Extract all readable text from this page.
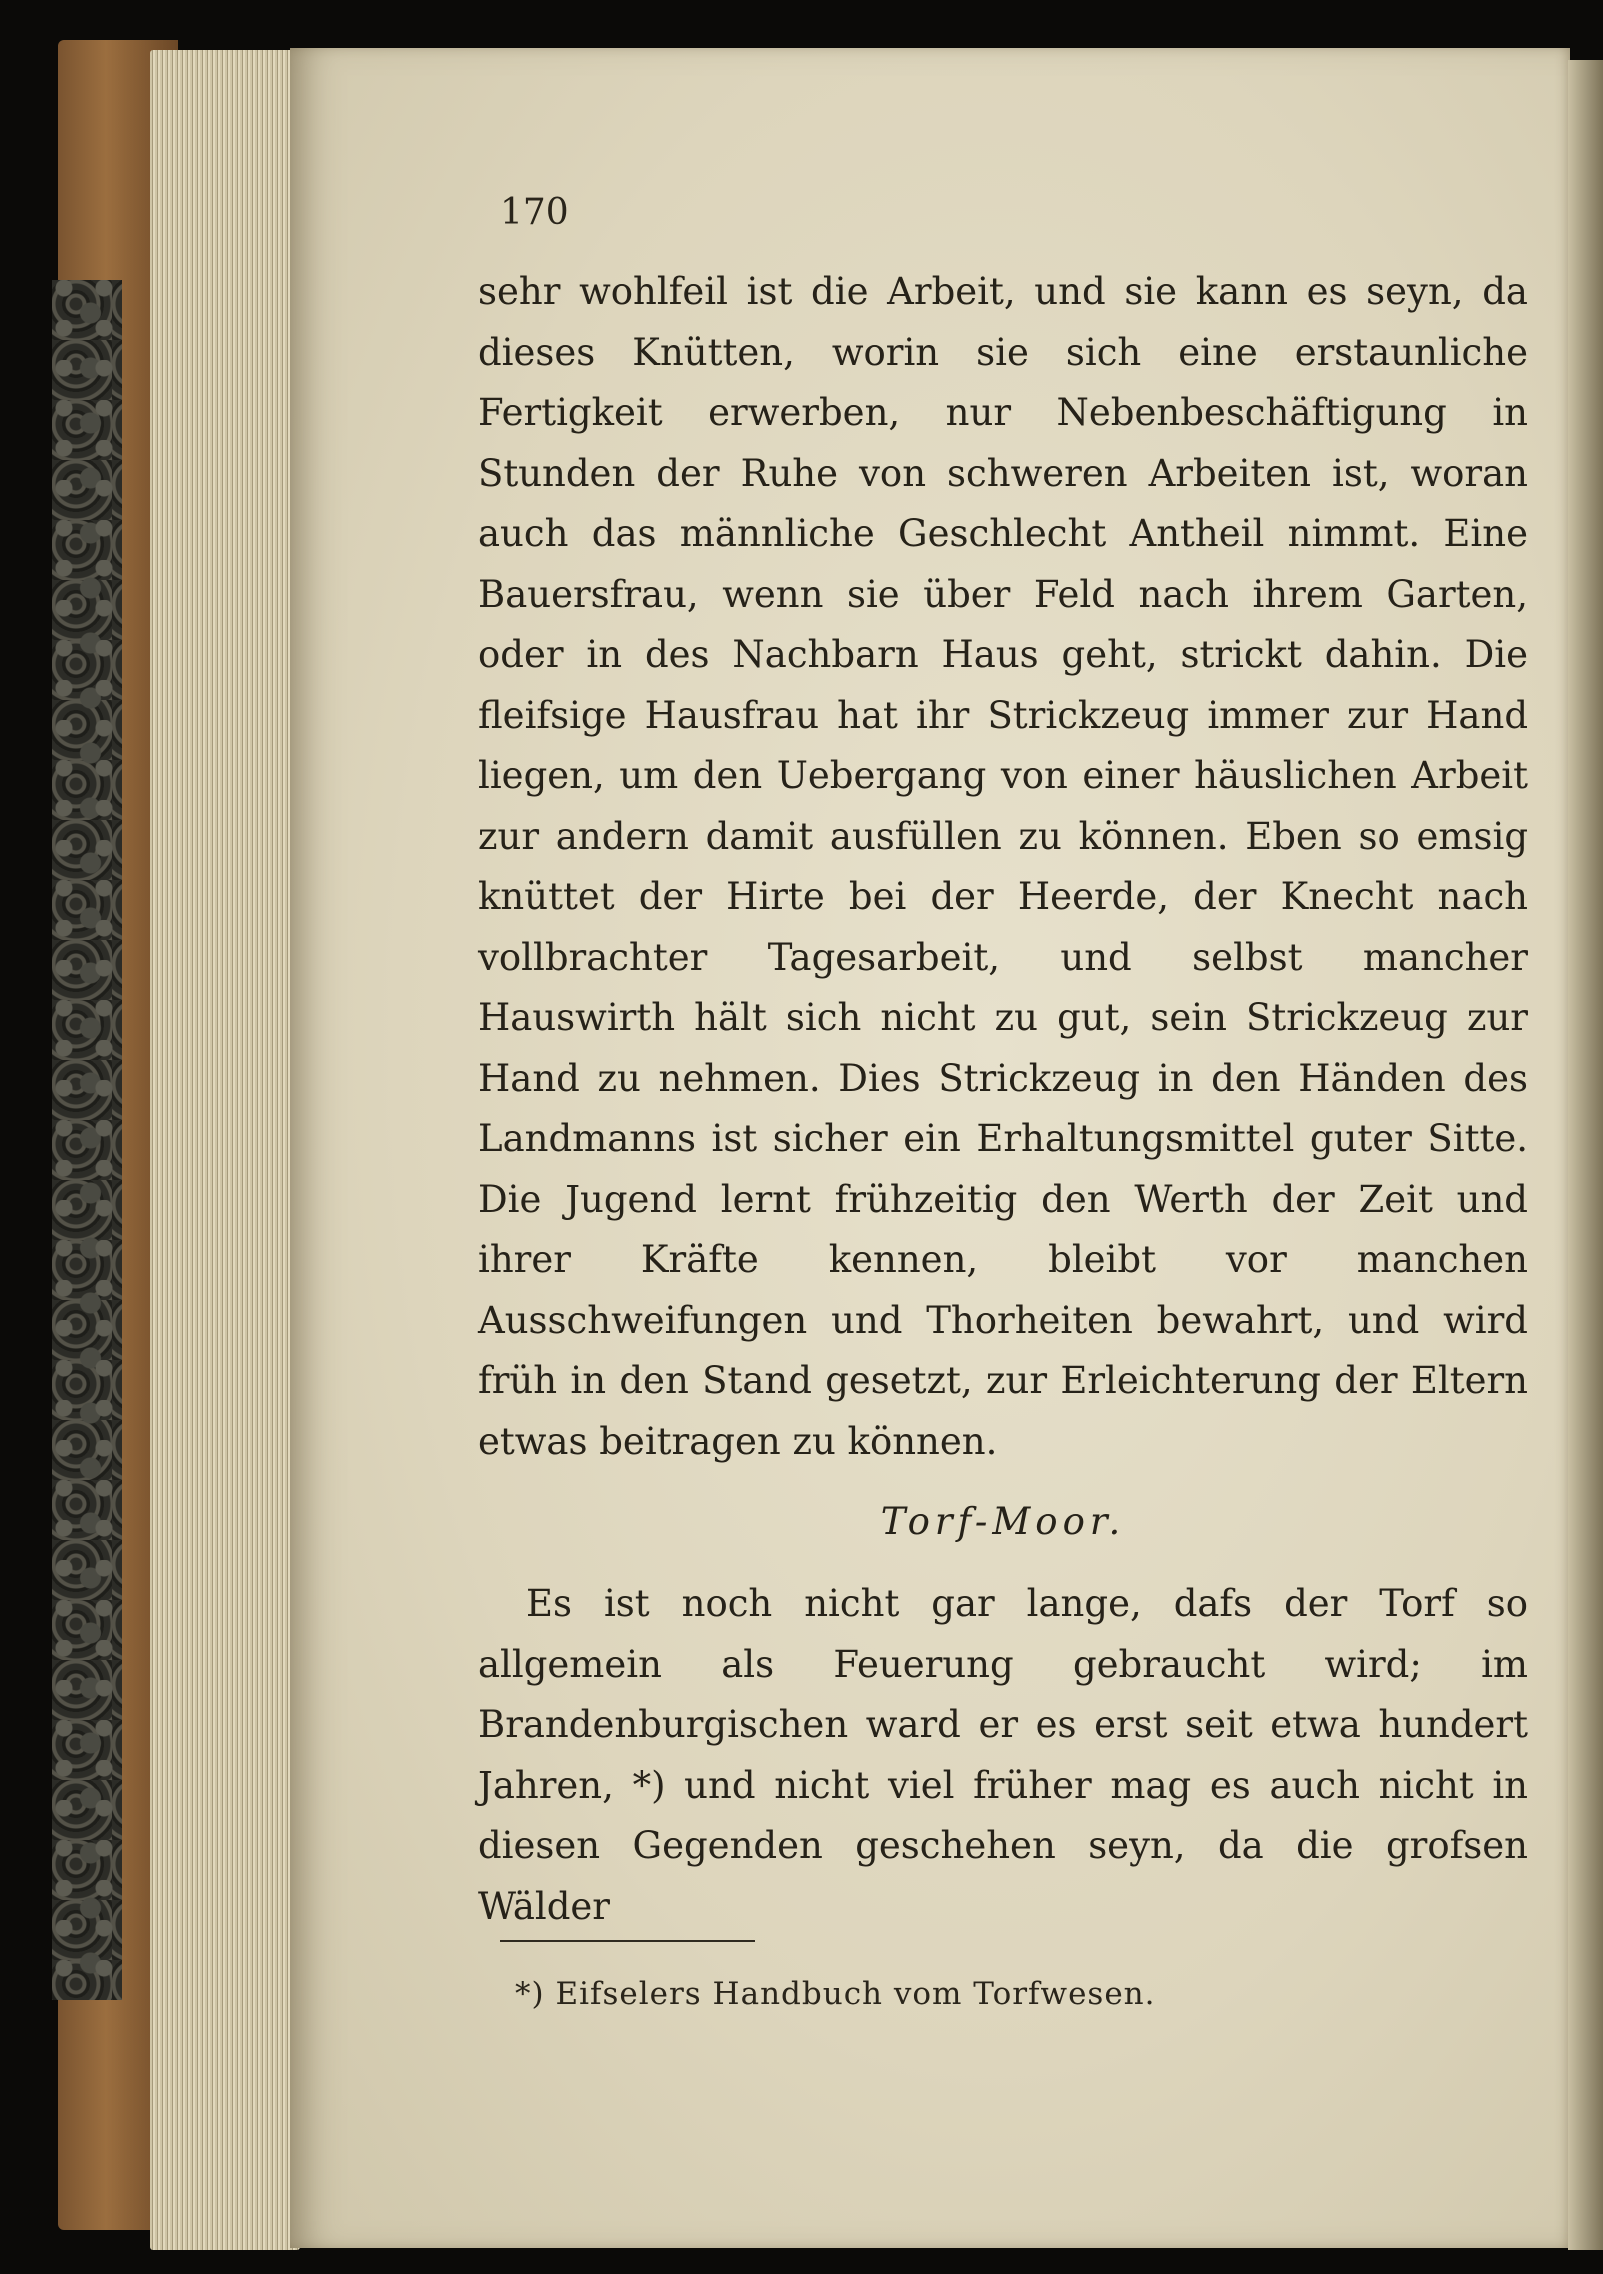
170

sehr wohlfeil ist die Arbeit, und sie kann es seyn, da dieses Knütten, worin sie sich eine erstaunliche Fertigkeit erwerben, nur Nebenbeschäftigung in Stunden der Ruhe von schweren Arbeiten ist, woran auch das männliche Geschlecht Antheil nimmt. Eine Bauersfrau, wenn sie über Feld nach ihrem Garten, oder in des Nachbarn Haus geht, strickt dahin. Die fleifsige Hausfrau hat ihr Strickzeug immer zur Hand liegen, um den Uebergang von einer häuslichen Arbeit zur andern damit ausfüllen zu können. Eben so emsig knüttet der Hirte bei der Heerde, der Knecht nach vollbrachter Tagesarbeit, und selbst mancher Hauswirth hält sich nicht zu gut, sein Strickzeug zur Hand zu nehmen. Dies Strickzeug in den Händen des Landmanns ist sicher ein Erhaltungsmittel guter Sitte. Die Jugend lernt frühzeitig den Werth der Zeit und ihrer Kräfte kennen, bleibt vor manchen Ausschweifungen und Thorheiten bewahrt, und wird früh in den Stand gesetzt, zur Erleichterung der Eltern etwas beitragen zu können.

Torf-Moor.

Es ist noch nicht gar lange, dafs der Torf so allgemein als Feuerung gebraucht wird; im Brandenburgischen ward er es erst seit etwa hundert Jahren, *) und nicht viel früher mag es auch nicht in diesen Gegenden geschehen seyn, da die grofsen Wälder

*) Eifselers Handbuch vom Torfwesen.
